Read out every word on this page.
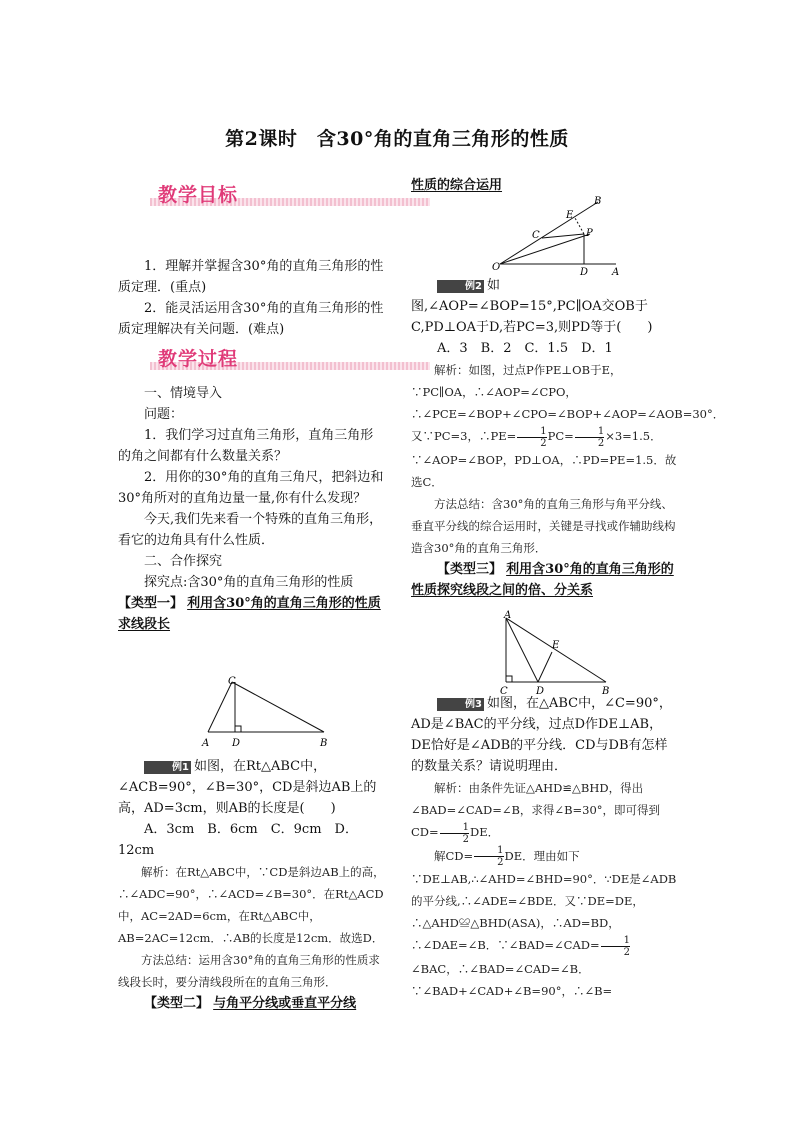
第2课时　含30°角的直角三角形的性质
教学目标

1．理解并掌握含30°角的直角三角形的性质定理．(重点)

2．能灵活运用含30°角的直角三角形的性质定理解决有关问题．(难点)

教学过程

一、情境导入

问题：

1．我们学习过直角三角形，直角三角形的角之间都有什么数量关系？

2．用你的30°角的直角三角尺，把斜边和30°角所对的直角边量一量,你有什么发现？

今天,我们先来看一个特殊的直角三角形，看它的边角具有什么性质．

二、合作探究

探究点:含30°角的直角三角形的性质

【类型一】 利用含30°角的直角三角形的性质求线段长

C
A D	B

例1 如图，在Rt△ABC中，∠ACB=90°，∠B=30°，CD是斜边AB上的高，AD=3cm，则AB的长度是(　　)

A．3cm　B．6cm　C．9cm　D．12cm

解析：在Rt△ABC中，∵CD是斜边AB上的高，∴∠ADC=90°，∴∠ACD=∠B=30°．在Rt△ACD中，AC=2AD=6cm，在Rt△ABC中，AB=2AC=12cm．∴AB的长度是12cm．故选D．

方法总结：运用含30°角的直角三角形的性质求线段长时，要分清线段所在的直角三角形．

【类型二】 与角平分线或垂直平分线

性质的综合运用

B
E
C	P
O	D A

例2 如图,∠AOP=∠BOP=15°,PC∥OA交OB于C,PD⊥OA于D,若PC=3,则PD等于(　　)

A．3　B．2　C．1.5　D．1

解析：如图，过点P作PE⊥OB于E，∵PC∥OA，∴∠AOP=∠CPO，∴∠PCE=∠BOP+∠CPO=∠BOP+∠AOP=∠AOB=30°．又∵PC=3，∴PE= $\frac{1}{2} PC= \frac{1}{2} \times 3=1.5$．∵∠AOP=∠BOP，PD⊥OA，∴PD=PE=1.5．故选C．

方法总结：含30°角的直角三角形与角平分线、垂直平分线的综合运用时，关键是寻找或作辅助线构造含30°角的直角三角形．

【类型三】 利用含30°角的直角三角形的性质探究线段之间的倍、分关系

A
E
C	D	B

例3 如图，在△ABC中，∠C=90°，AD是∠BAC的平分线，过点D作DE⊥AB，DE恰好是∠ADB的平分线．CD与DB有怎样的数量关系？请说明理由．

解析：由条件先证△AHD≌△BHD，得出∠BAD=∠CAD=∠B，求得∠B=30°，即可得到$CD= \frac{1}{2}$ DE．

解$CD= \frac{1}{2}$ DE．理由如下∵DE⊥AB,∴∠AHD=∠BHD=90°．∵DE是∠ADB的平分线,∴∠ADE=∠BDE．又∵DE=DE，∴△AHD≌△BHD(ASA)，∴AD=BD，∴∠DAE=∠B．∵∠BAD=∠CAD= $\frac{1}{2}$
∠BAC，∴∠BAD=∠CAD=∠B．∵∠BAD+∠CAD+∠B=90°，∴∠B=
